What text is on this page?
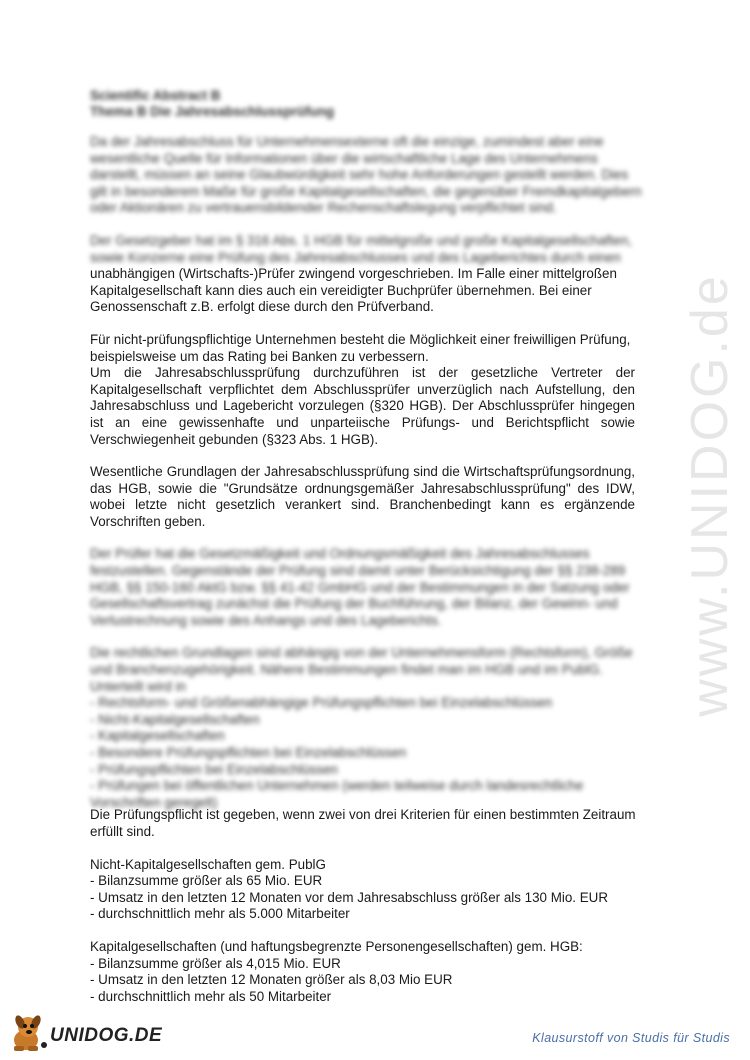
www.UNIDOG.de
Scientific Abstract B
Thema B Die Jahresabschlussprüfung

Da der Jahresabschluss für Unternehmensexterne oft die einzige, zumindest aber eine
wesentliche Quelle für Informationen über die wirtschaftliche Lage des Unternehmens
darstellt, müssen an seine Glaubwürdigkeit sehr hohe Anforderungen gestellt werden. Dies
gilt in besonderem Maße für große Kapitalgesellschaften, die gegenüber Fremdkapitalgebern
oder Aktionären zu vertrauensbildender Rechenschaftslegung verpflichtet sind.

Der Gesetzgeber hat im § 316 Abs. 1 HGB für mittelgroße und große Kapitalgesellschaften,
sowie Konzerne eine Prüfung des Jahresabschlusses und des Lageberichtes durch einen
unabhängigen (Wirtschafts-)Prüfer zwingend vorgeschrieben. Im Falle einer mittelgroßen
Kapitalgesellschaft kann dies auch ein vereidigter Buchprüfer übernehmen. Bei einer
Genossenschaft z.B. erfolgt diese durch den Prüfverband.

Für nicht-prüfungspflichtige Unternehmen besteht die Möglichkeit einer freiwilligen Prüfung,
beispielsweise um das Rating bei Banken zu verbessern.

Um die Jahresabschlussprüfung durchzuführen ist der gesetzliche Vertreter der Kapitalgesellschaft verpflichtet dem Abschlussprüfer unverzüglich nach Aufstellung, den Jahresabschluss und Lagebericht vorzulegen (§320 HGB). Der Abschlussprüfer hingegen ist an eine gewissenhafte und unparteiische Prüfungs- und Berichtspflicht sowie Verschwiegenheit gebunden (§323 Abs. 1 HGB).

Wesentliche Grundlagen der Jahresabschlussprüfung sind die Wirtschaftsprüfungsordnung, das HGB, sowie die "Grundsätze ordnungsgemäßer Jahresabschlussprüfung" des IDW, wobei letzte nicht gesetzlich verankert sind. Branchenbedingt kann es ergänzende Vorschriften geben.

Der Prüfer hat die Gesetzmäßigkeit und Ordnungsmäßigkeit des Jahresabschlusses
festzustellen. Gegenstände der Prüfung sind damit unter Berücksichtigung der §§ 238-289
HGB, §§ 150-160 AktG bzw. §§ 41-42 GmbHG und der Bestimmungen in der Satzung oder
Gesellschaftsvertrag zunächst die Prüfung der Buchführung, der Bilanz, der Gewinn- und
Verlustrechnung sowie des Anhangs und des Lageberichts.

Die rechtlichen Grundlagen sind abhängig von der Unternehmensform (Rechtsform), Größe
und Branchenzugehörigkeit. Nähere Bestimmungen findet man im HGB und im PublG.
Unterteilt wird in
- Rechtsform- und Größenabhängige Prüfungspflichten bei Einzelabschlüssen
- Nicht-Kapitalgesellschaften
- Kapitalgesellschaften
- Besondere Prüfungspflichten bei Einzelabschlüssen
- Prüfungspflichten bei Einzelabschlüssen
- Prüfungen bei öffentlichen Unternehmen (werden teilweise durch landesrechtliche
Vorschriften geregelt)

Die Prüfungspflicht ist gegeben, wenn zwei von drei Kriterien für einen bestimmten Zeitraum
erfüllt sind.

Nicht-Kapitalgesellschaften gem. PublG
- Bilanzsumme größer als 65 Mio. EUR
- Umsatz in den letzten 12 Monaten vor dem Jahresabschluss größer als 130 Mio. EUR
- durchschnittlich mehr als 5.000 Mitarbeiter

Kapitalgesellschaften (und haftungsbegrenzte Personengesellschaften) gem. HGB:
- Bilanzsumme größer als 4,015 Mio. EUR
- Umsatz in den letzten 12 Monaten größer als 8,03 Mio EUR
- durchschnittlich mehr als 50 Mitarbeiter

UNIDOG.DE	Klausurstoff von Studis für Studis
